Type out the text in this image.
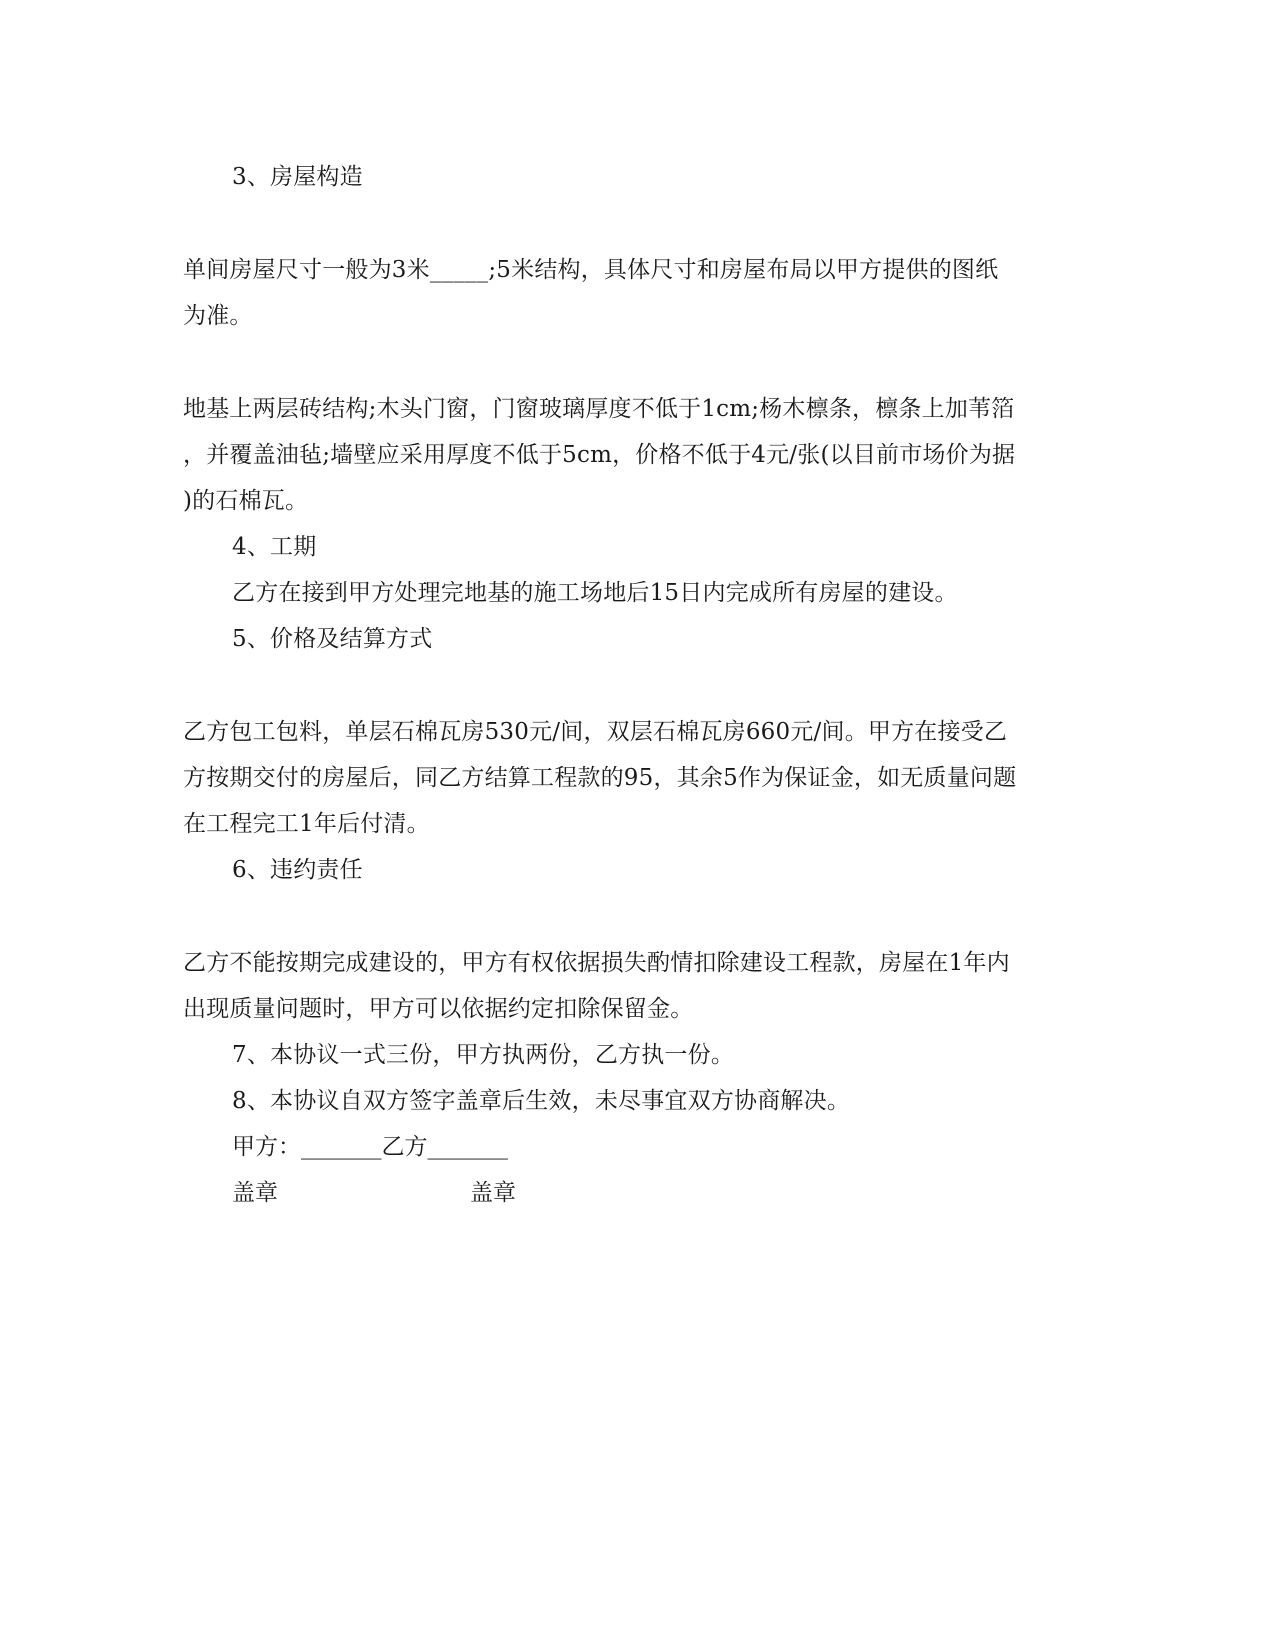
3、房屋构造
单间房屋尺寸一般为3米_____;5米结构，具体尺寸和房屋布局以甲方提供的图纸
为准。
地基上两层砖结构;木头门窗，门窗玻璃厚度不低于1cm;杨木檩条，檩条上加苇箔
，并覆盖油毡;墙壁应采用厚度不低于5cm，价格不低于4元/张(以目前市场价为据
)的石棉瓦。
4、工期
乙方在接到甲方处理完地基的施工场地后15日内完成所有房屋的建设。
5、价格及结算方式
乙方包工包料，单层石棉瓦房530元/间，双层石棉瓦房660元/间。甲方在接受乙
方按期交付的房屋后，同乙方结算工程款的95，其余5作为保证金，如无质量问题
在工程完工1年后付清。
6、违约责任
乙方不能按期完成建设的，甲方有权依据损失酌情扣除建设工程款，房屋在1年内
出现质量问题时，甲方可以依据约定扣除保留金。
7、本协议一式三份，甲方执两份，乙方执一份。
8、本协议自双方签字盖章后生效，未尽事宜双方协商解决。
甲方：_______乙方_______
盖章	盖章
